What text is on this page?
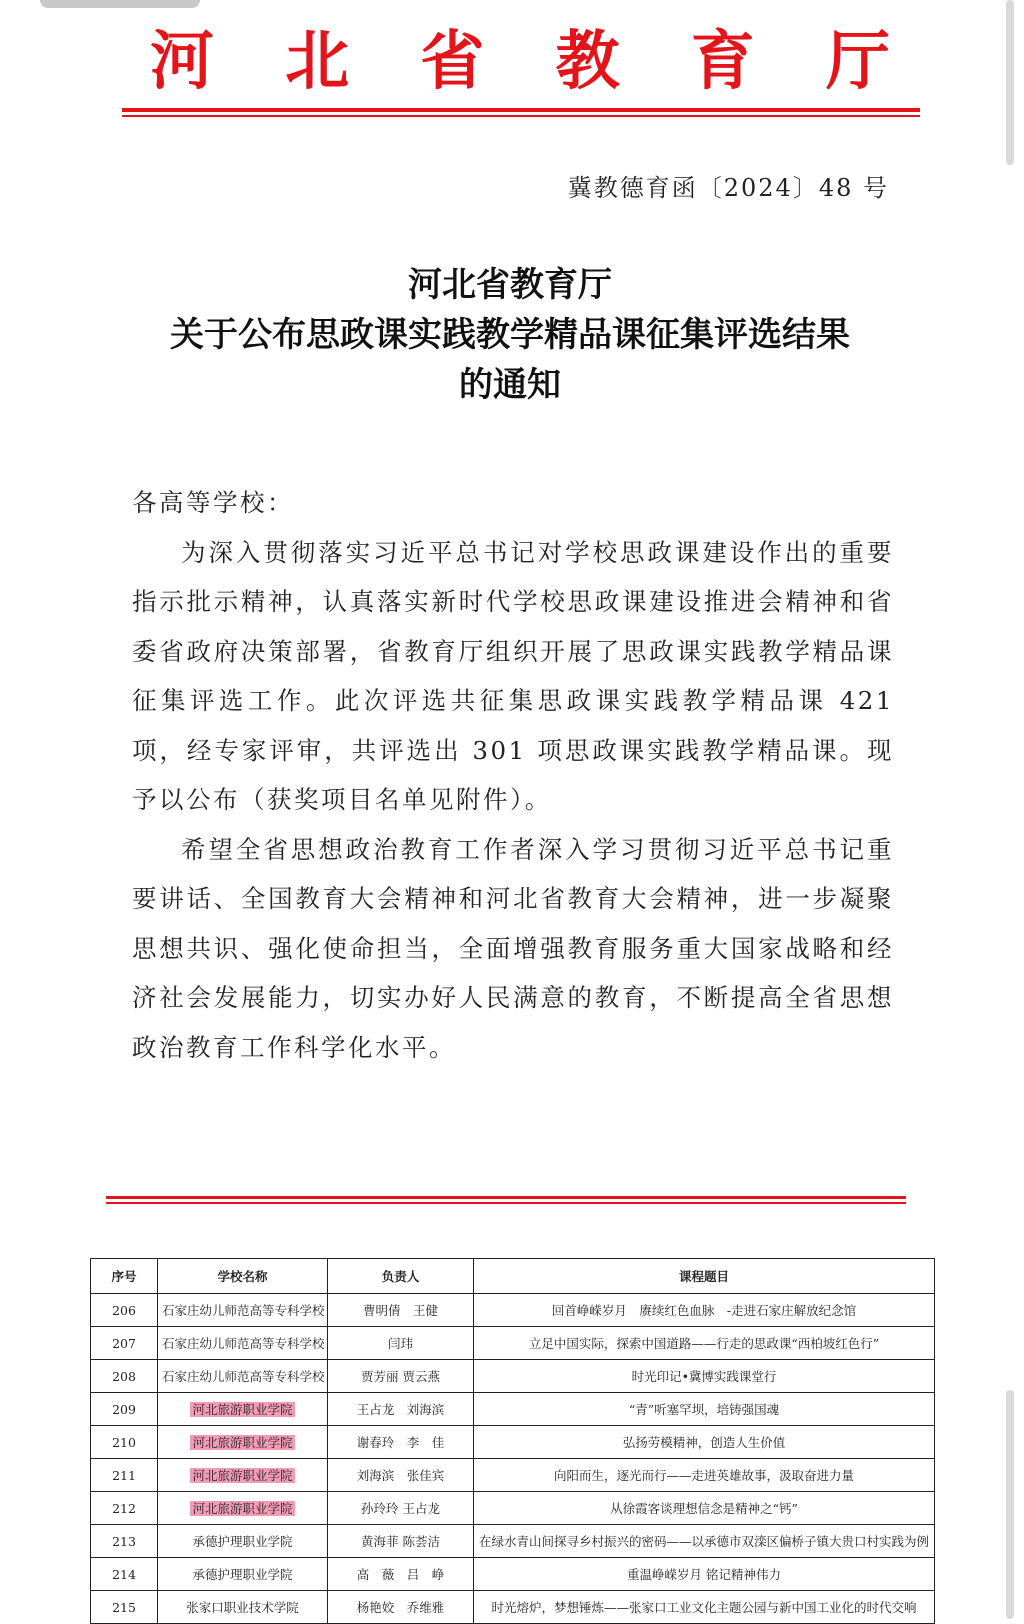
河 北 省 教 育 厅
冀教德育函〔2024〕48 号
河北省教育厅
关于公布思政课实践教学精品课征集评选结果
的通知

各高等学校：

为深入贯彻落实习近平总书记对学校思政课建设作出的重要指示批示精神，认真落实新时代学校思政课建设推进会精神和省委省政府决策部署，省教育厅组织开展了思政课实践教学精品课征集评选工作。此次评选共征集思政课实践教学精品课 421 项，经专家评审，共评选出 301 项思政课实践教学精品课。现予以公布（获奖项目名单见附件）。

希望全省思想政治教育工作者深入学习贯彻习近平总书记重要讲话、全国教育大会精神和河北省教育大会精神，进一步凝聚思想共识、强化使命担当，全面增强教育服务重大国家战略和经济社会发展能力，切实办好人民满意的教育，不断提高全省思想政治教育工作科学化水平。

序号	学校名称	负责人	课程题目
206	石家庄幼儿师范高等专科学校	曹明倩　王健	回首峥嵘岁月　赓续红色血脉　-走进石家庄解放纪念馆
207	石家庄幼儿师范高等专科学校	闫玮	立足中国实际，探索中国道路——行走的思政课“西柏坡红色行”
208	石家庄幼儿师范高等专科学校	贾芳丽 贾云燕	时光印记•冀博实践课堂行
209	河北旅游职业学院	王占龙　刘海滨	“青”听塞罕坝，培铸强国魂
210	河北旅游职业学院	谢春玲　李　佳	弘扬劳模精神，创造人生价值
211	河北旅游职业学院	刘海滨　张佳宾	向阳而生，逐光而行——走进英雄故事，汲取奋进力量
212	河北旅游职业学院	孙玲玲 王占龙	从徐霞客谈理想信念是精神之“钙”
213	承德护理职业学院	黄海菲 陈荟洁	在绿水青山间探寻乡村振兴的密码——以承德市双滦区偏桥子镇大贵口村实践为例
214	承德护理职业学院	高　薇　吕　峥	重温峥嵘岁月 铭记精神伟力
215	张家口职业技术学院	杨艳姣　乔维雅	时光熔炉，梦想锤炼——张家口工业文化主题公园与新中国工业化的时代交响
